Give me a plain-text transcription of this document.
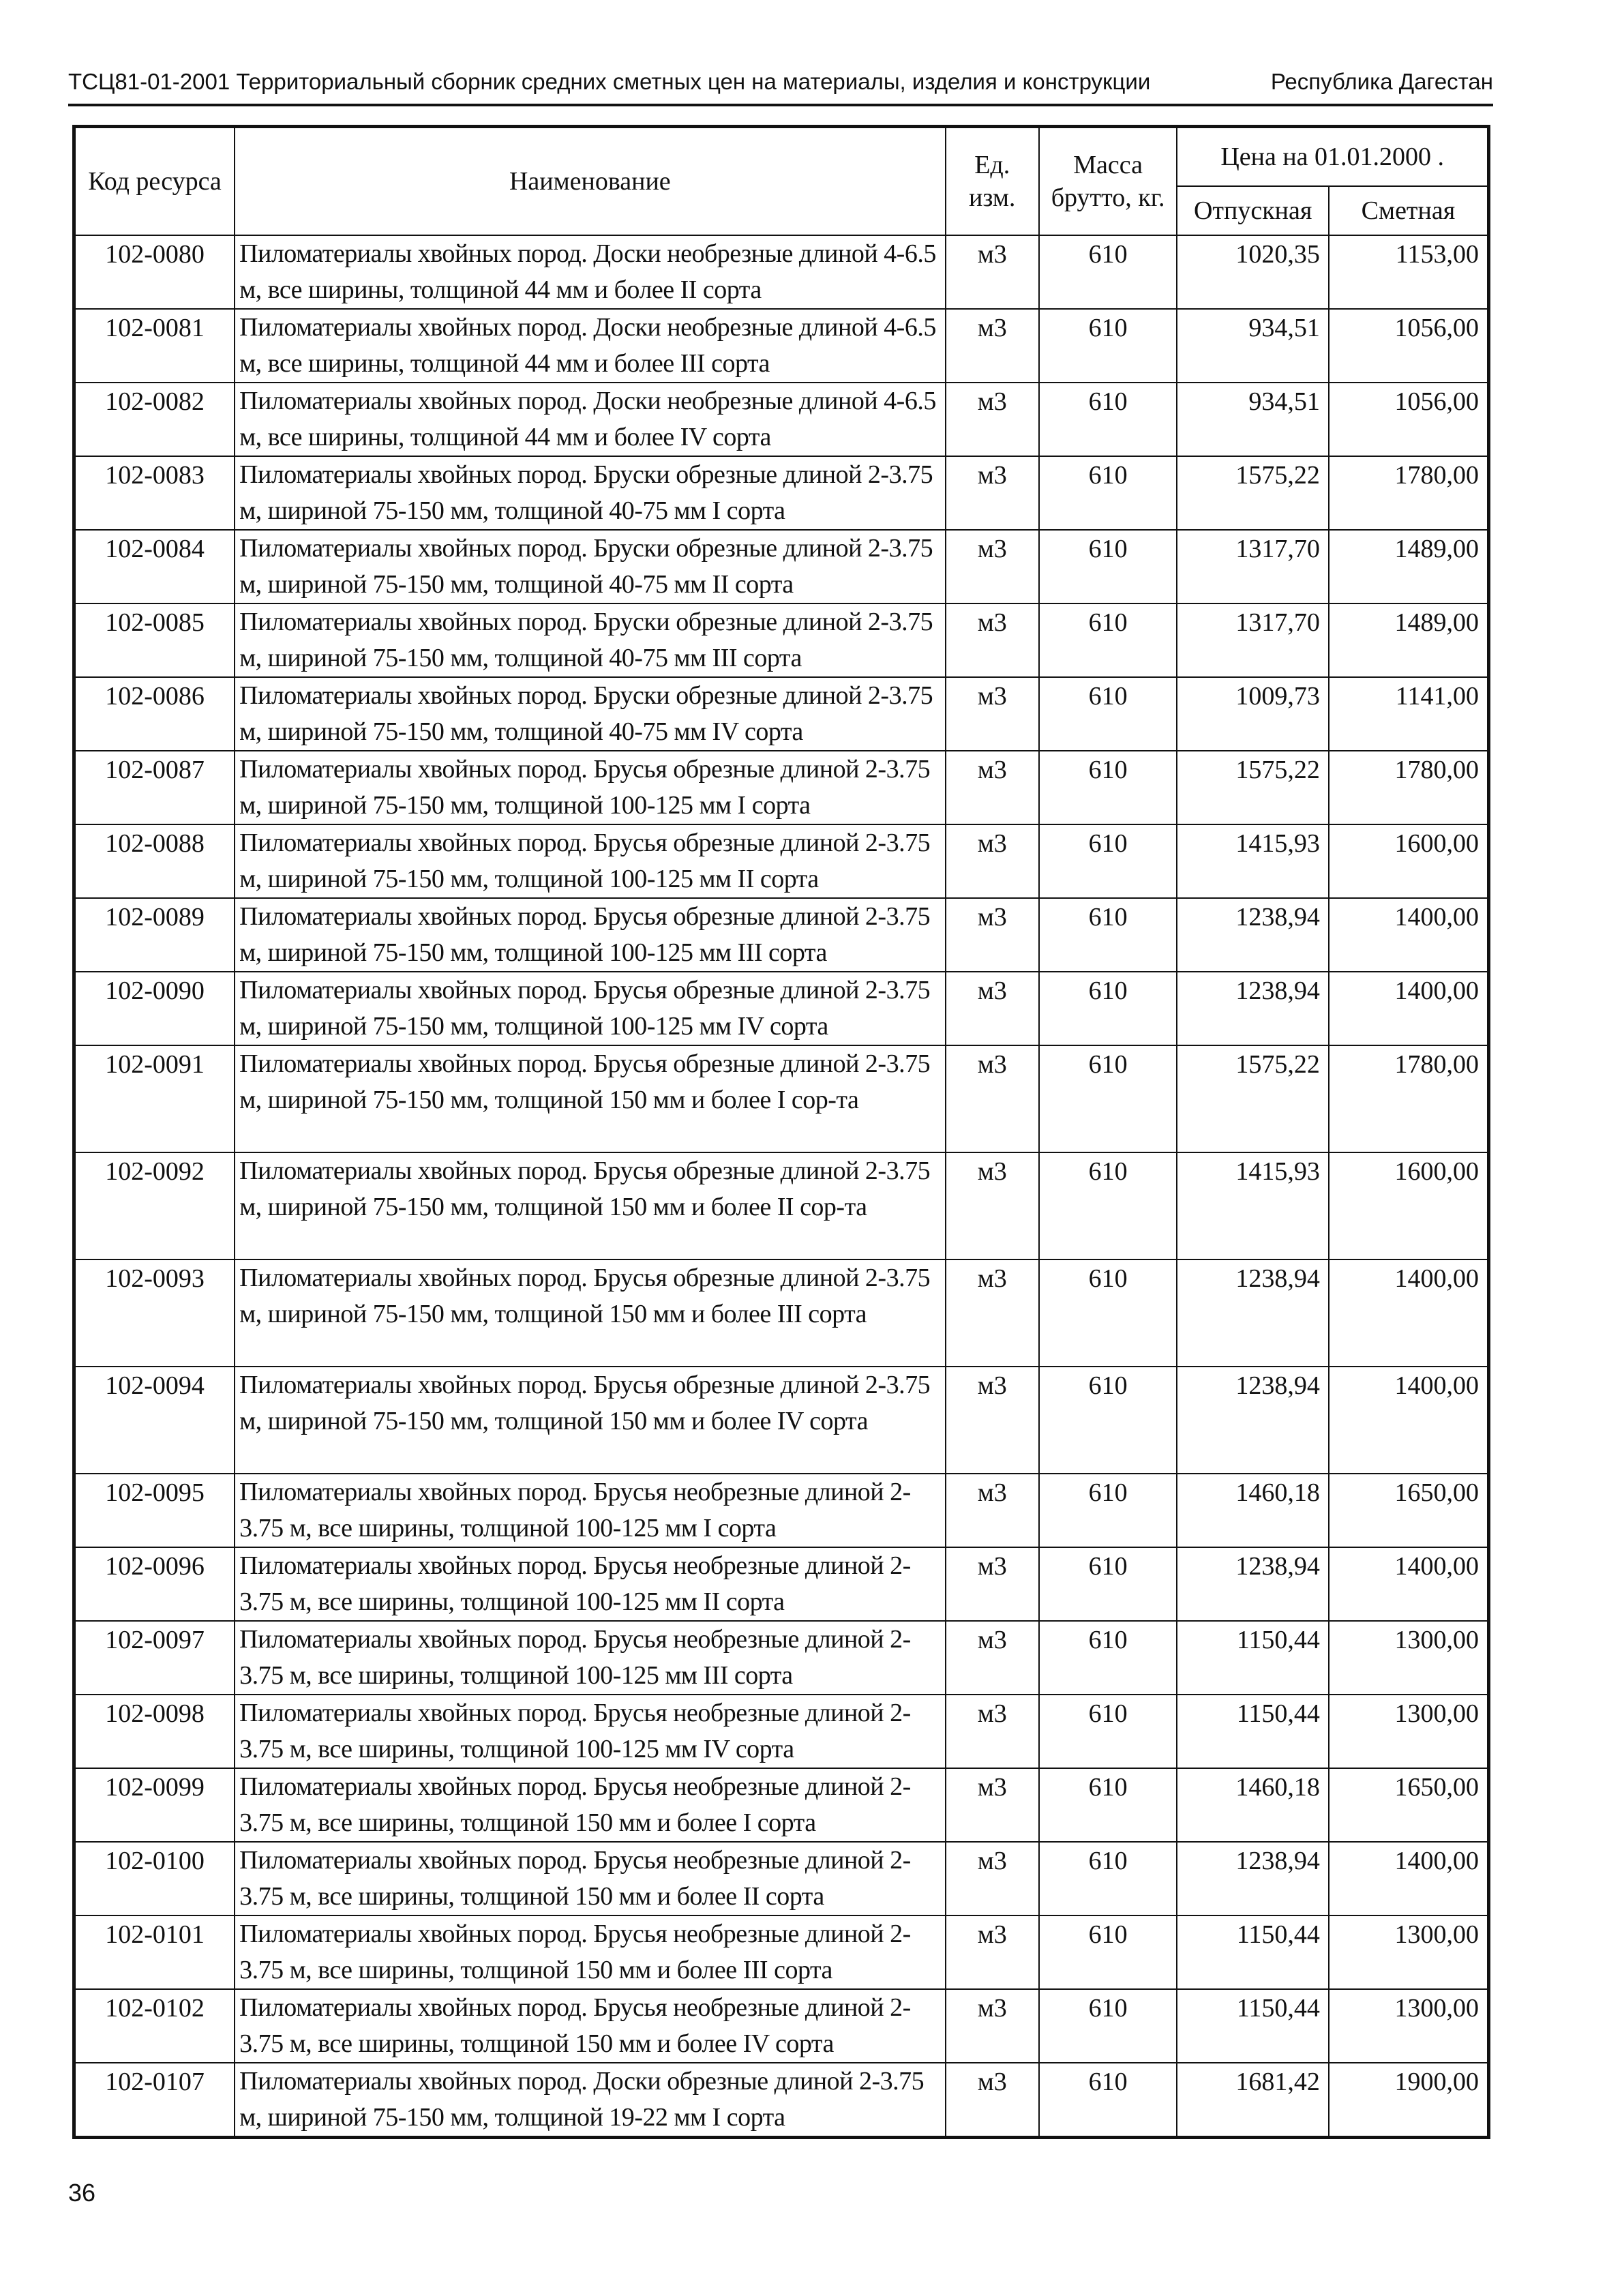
ТСЦ81-01-2001 Территориальный сборник средних сметных цен на материалы, изделия и конструкции	Республика Дагестан
Код ресурса	Наименование	Ед. изм.	Масса брутто, кг.	Цена на 01.01.2000 .	
				Отпускная	Сметная
102-0080	Пиломатериалы хвойных пород. Доски необрезные длиной 4-6.5 м, все ширины, толщиной 44 мм и более II сорта	м3	610	1020,35	1153,00
102-0081	Пиломатериалы хвойных пород. Доски необрезные длиной 4-6.5 м, все ширины, толщиной 44 мм и более III сорта	м3	610	934,51	1056,00
102-0082	Пиломатериалы хвойных пород. Доски необрезные длиной 4-6.5 м, все ширины, толщиной 44 мм и более IV сорта	м3	610	934,51	1056,00
102-0083	Пиломатериалы хвойных пород. Бруски обрезные длиной 2-3.75 м, шириной 75-150 мм, толщиной 40-75 мм I сорта	м3	610	1575,22	1780,00
102-0084	Пиломатериалы хвойных пород. Бруски обрезные длиной 2-3.75 м, шириной 75-150 мм, толщиной 40-75 мм II сорта	м3	610	1317,70	1489,00
102-0085	Пиломатериалы хвойных пород. Бруски обрезные длиной 2-3.75 м, шириной 75-150 мм, толщиной 40-75 мм III сорта	м3	610	1317,70	1489,00
102-0086	Пиломатериалы хвойных пород. Бруски обрезные длиной 2-3.75 м, шириной 75-150 мм, толщиной 40-75 мм IV сорта	м3	610	1009,73	1141,00
102-0087	Пиломатериалы хвойных пород. Брусья обрезные длиной 2-3.75 м, шириной 75-150 мм, толщиной 100-125 мм I сорта	м3	610	1575,22	1780,00
102-0088	Пиломатериалы хвойных пород. Брусья обрезные длиной 2-3.75 м, шириной 75-150 мм, толщиной 100-125 мм II сорта	м3	610	1415,93	1600,00
102-0089	Пиломатериалы хвойных пород. Брусья обрезные длиной 2-3.75 м, шириной 75-150 мм, толщиной 100-125 мм III сорта	м3	610	1238,94	1400,00
102-0090	Пиломатериалы хвойных пород. Брусья обрезные длиной 2-3.75 м, шириной 75-150 мм, толщиной 100-125 мм IV сорта	м3	610	1238,94	1400,00
102-0091	Пиломатериалы хвойных пород. Брусья обрезные длиной 2-3.75 м, шириной 75-150 мм, толщиной 150 мм и более I сор-та	м3	610	1575,22	1780,00
102-0092	Пиломатериалы хвойных пород. Брусья обрезные длиной 2-3.75 м, шириной 75-150 мм, толщиной 150 мм и более II сор-та	м3	610	1415,93	1600,00
102-0093	Пиломатериалы хвойных пород. Брусья обрезные длиной 2-3.75 м, шириной 75-150 мм, толщиной 150 мм и более III сорта	м3	610	1238,94	1400,00
102-0094	Пиломатериалы хвойных пород. Брусья обрезные длиной 2-3.75 м, шириной 75-150 мм, толщиной 150 мм и более IV сорта	м3	610	1238,94	1400,00
102-0095	Пиломатериалы хвойных пород. Брусья необрезные длиной 2-3.75 м, все ширины, толщиной 100-125 мм I сорта	м3	610	1460,18	1650,00
102-0096	Пиломатериалы хвойных пород. Брусья необрезные длиной 2-3.75 м, все ширины, толщиной 100-125 мм II сорта	м3	610	1238,94	1400,00
102-0097	Пиломатериалы хвойных пород. Брусья необрезные длиной 2-3.75 м, все ширины, толщиной 100-125 мм III сорта	м3	610	1150,44	1300,00
102-0098	Пиломатериалы хвойных пород. Брусья необрезные длиной 2-3.75 м, все ширины, толщиной 100-125 мм IV сорта	м3	610	1150,44	1300,00
102-0099	Пиломатериалы хвойных пород. Брусья необрезные длиной 2-3.75 м, все ширины, толщиной 150 мм и более I сорта	м3	610	1460,18	1650,00
102-0100	Пиломатериалы хвойных пород. Брусья необрезные длиной 2-3.75 м, все ширины, толщиной 150 мм и более II сорта	м3	610	1238,94	1400,00
102-0101	Пиломатериалы хвойных пород. Брусья необрезные длиной 2-3.75 м, все ширины, толщиной 150 мм и более III сорта	м3	610	1150,44	1300,00
102-0102	Пиломатериалы хвойных пород. Брусья необрезные длиной 2-3.75 м, все ширины, толщиной 150 мм и более IV сорта	м3	610	1150,44	1300,00
102-0107	Пиломатериалы хвойных пород. Доски обрезные длиной 2-3.75 м, шириной 75-150 мм, толщиной 19-22 мм I сорта	м3	610	1681,42	1900,00
36
